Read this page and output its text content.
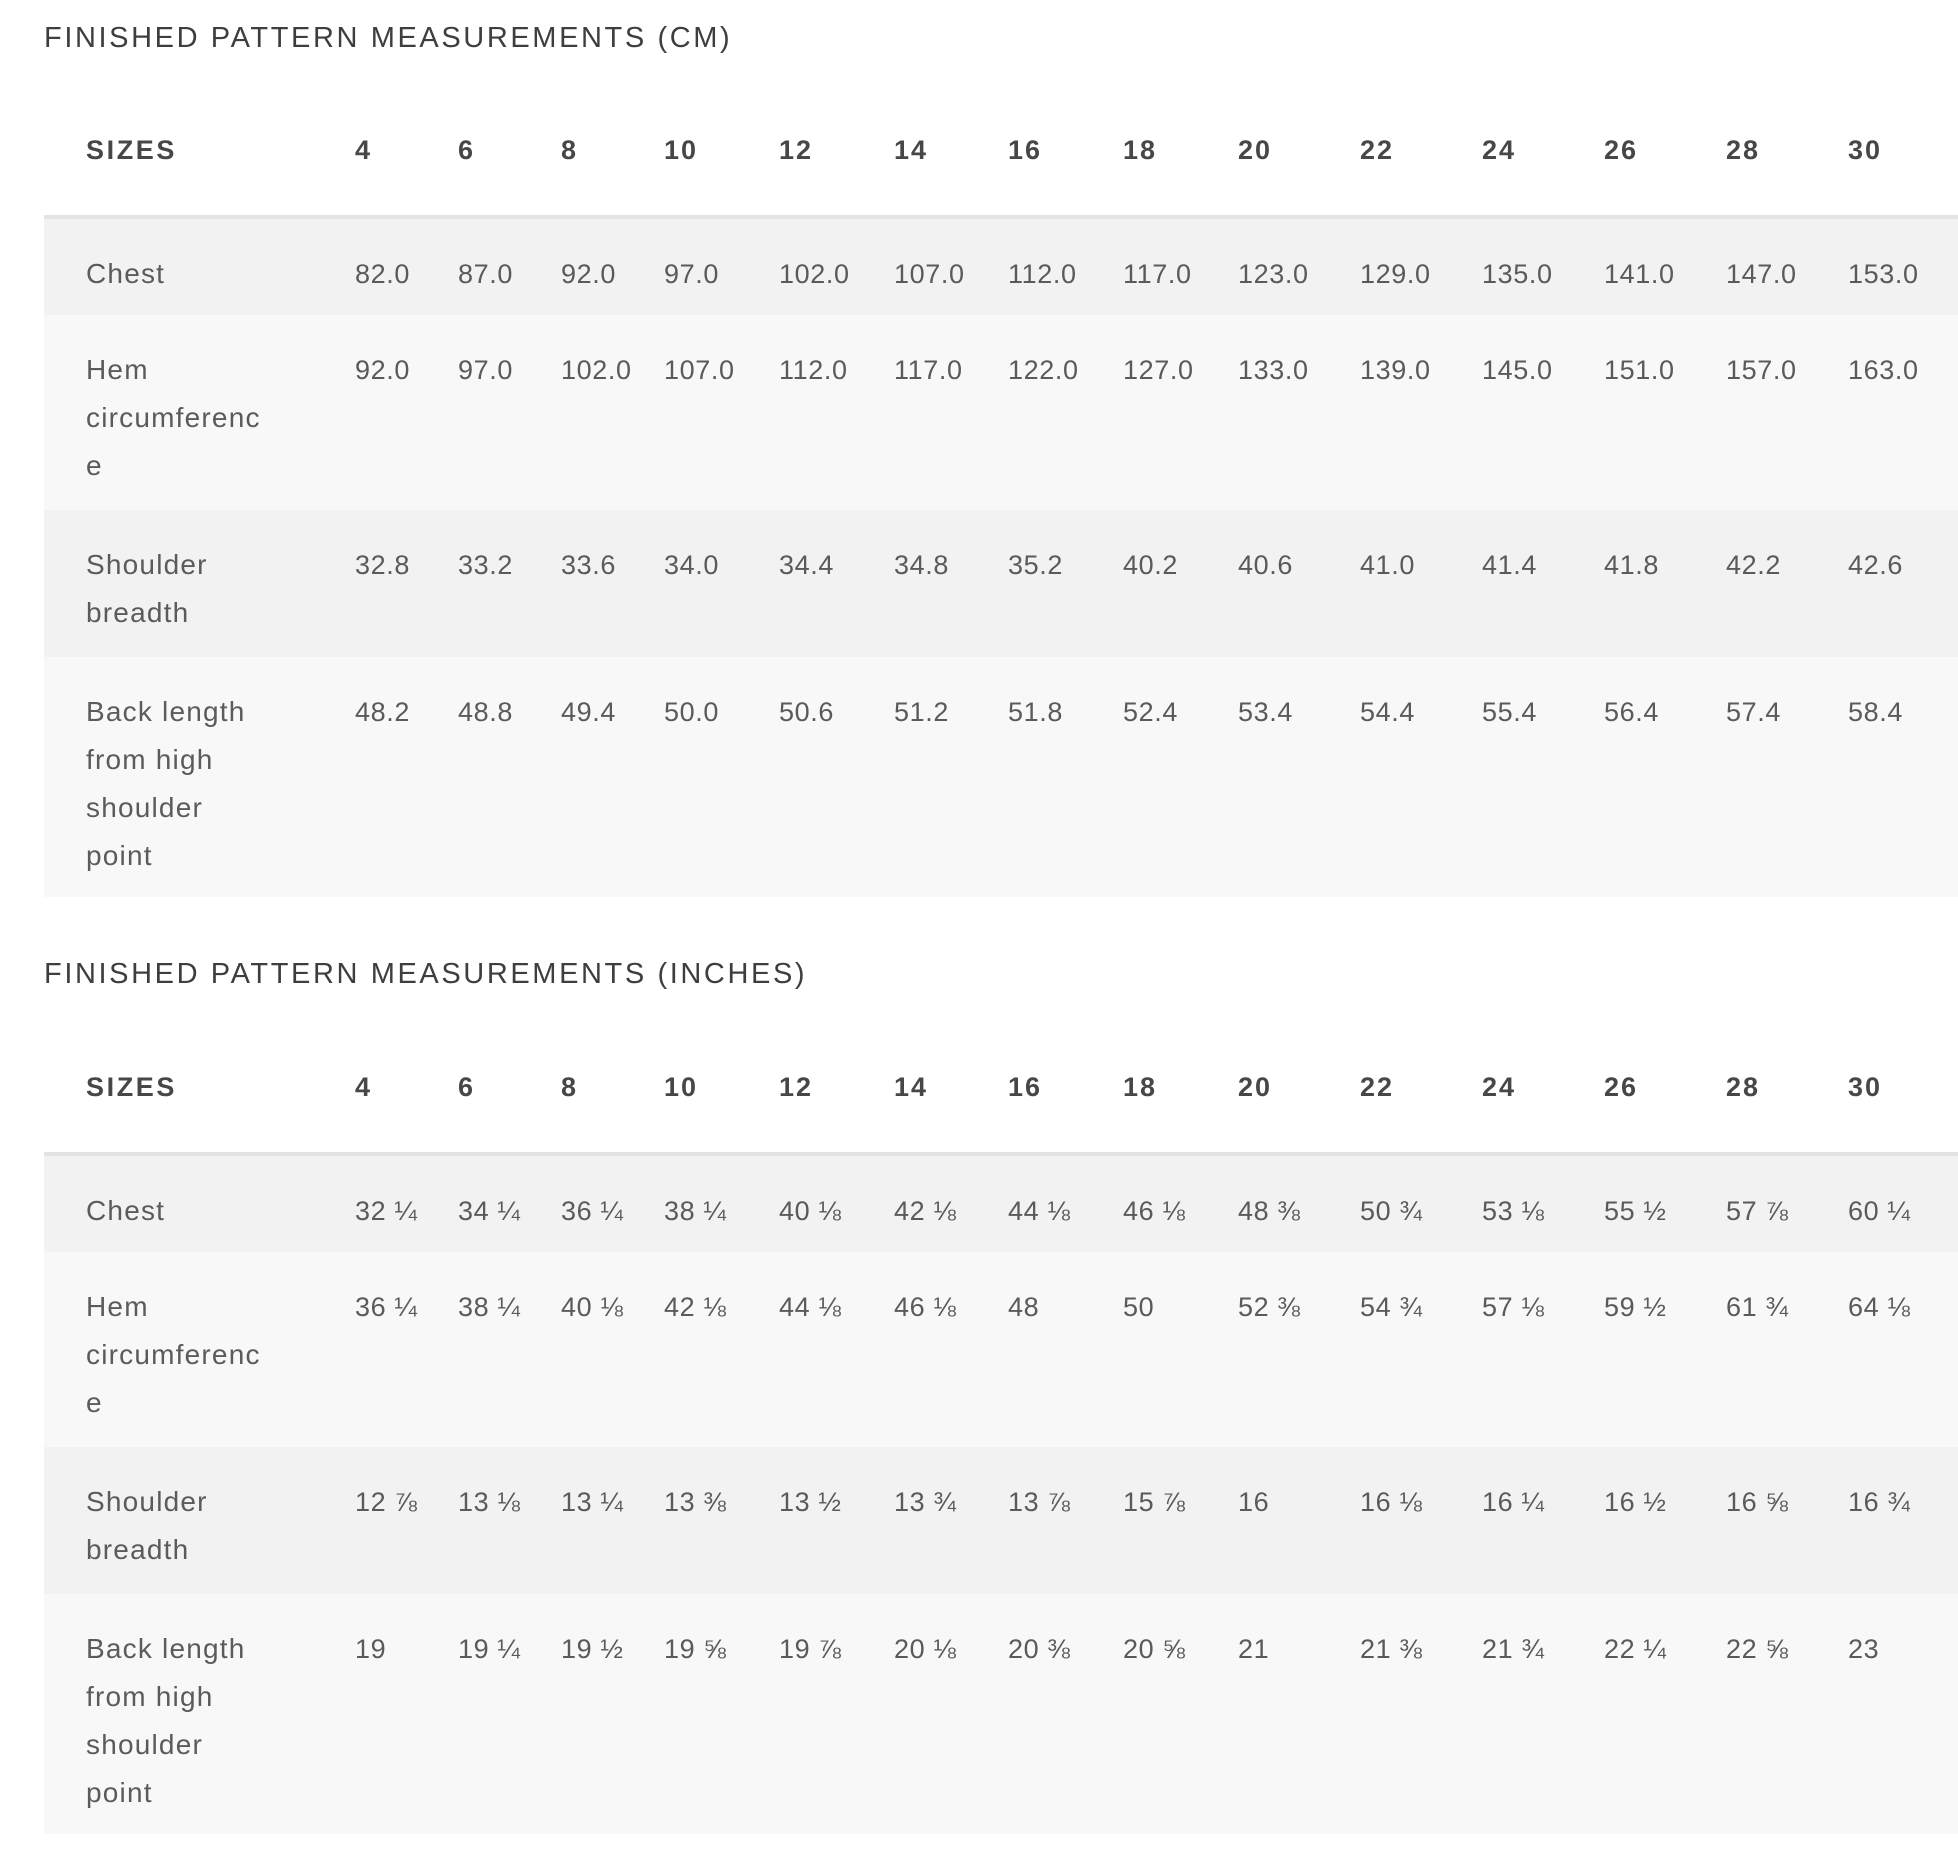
FINISHED PATTERN MEASUREMENTS (CM)
SIZES	4	6	8	10	12	14	16	18	20	22	24	26	28	30

Chest	82.0	87.0	92.0	97.0	102.0	107.0	112.0	117.0	123.0	129.0	135.0	141.0	147.0	153.0

Hem
circumferenc
e	92.0	97.0	102.0	107.0	112.0	117.0	122.0	127.0	133.0	139.0	145.0	151.0	157.0	163.0

Shoulder
breadth	32.8	33.2	33.6	34.0	34.4	34.8	35.2	40.2	40.6	41.0	41.4	41.8	42.2	42.6

Back length
from high
shoulder
point	48.2	48.8	49.4	50.0	50.6	51.2	51.8	52.4	53.4	54.4	55.4	56.4	57.4	58.4
FINISHED PATTERN MEASUREMENTS (INCHES)
SIZES	4	6	8	10	12	14	16	18	20	22	24	26	28	30

Chest	32 ¼	34 ¼	36 ¼	38 ¼	40 ⅛	42 ⅛	44 ⅛	46 ⅛	48 ⅜	50 ¾	53 ⅛	55 ½	57 ⅞	60 ¼

Hem
circumferenc
e	36 ¼	38 ¼	40 ⅛	42 ⅛	44 ⅛	46 ⅛	48	50	52 ⅜	54 ¾	57 ⅛	59 ½	61 ¾	64 ⅛

Shoulder
breadth	12 ⅞	13 ⅛	13 ¼	13 ⅜	13 ½	13 ¾	13 ⅞	15 ⅞	16	16 ⅛	16 ¼	16 ½	16 ⅝	16 ¾

Back length
from high
shoulder
point	19	19 ¼	19 ½	19 ⅝	19 ⅞	20 ⅛	20 ⅜	20 ⅝	21	21 ⅜	21 ¾	22 ¼	22 ⅝	23
